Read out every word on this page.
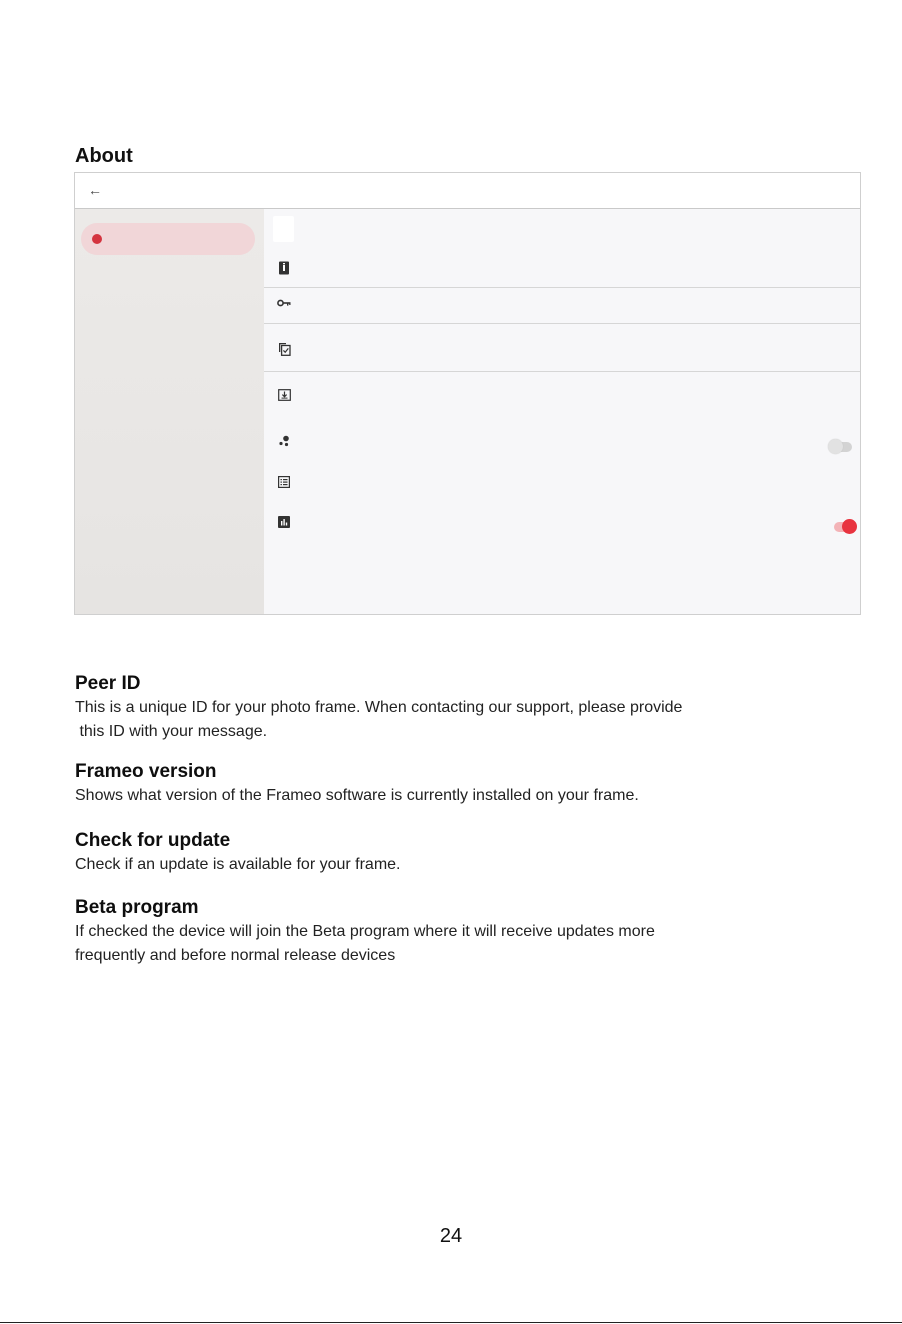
About
←
Peer ID

This is a unique ID for your photo frame. When contacting our support, please provide

this ID with your message.

Frameo version

Shows what version of the Frameo software is currently installed on your frame.

Check for update

Check if an update is available for your frame.

Beta program

If checked the device will join the Beta program where it will receive updates more

frequently and before normal release devices

24
